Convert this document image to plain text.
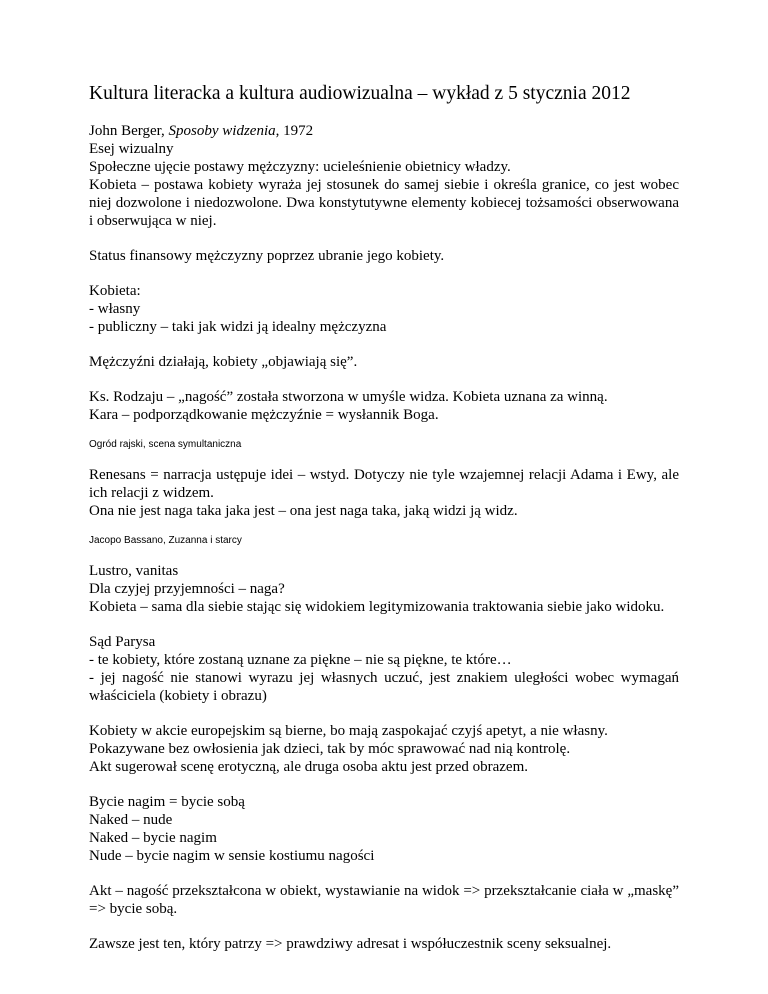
Kultura literacka a kultura audiowizualna – wykład z 5 stycznia 2012
John Berger, Sposoby widzenia, 1972
Esej wizualny
Społeczne ujęcie postawy mężczyzny: ucieleśnienie obietnicy władzy.
Kobieta – postawa kobiety wyraża jej stosunek do samej siebie i określa granice, co jest wobec niej dozwolone i niedozwolone. Dwa konstytutywne elementy kobiecej tożsamości obserwowana i obserwująca w niej.
Status finansowy mężczyzny poprzez ubranie jego kobiety.
Kobieta:
- własny
- publiczny – taki jak widzi ją idealny mężczyzna
Mężczyźni działają, kobiety „objawiają się”.
Ks. Rodzaju – „nagość” została stworzona w umyśle widza. Kobieta uznana za winną.
Kara – podporządkowanie mężczyźnie = wysłannik Boga.
Ogród rajski, scena symultaniczna
Renesans = narracja ustępuje idei – wstyd. Dotyczy nie tyle wzajemnej relacji Adama i Ewy, ale ich relacji z widzem.
Ona nie jest naga taka jaka jest – ona jest naga taka, jaką widzi ją widz.
Jacopo Bassano, Zuzanna i starcy
Lustro, vanitas
Dla czyjej przyjemności – naga?
Kobieta – sama dla siebie stając się widokiem legitymizowania traktowania siebie jako widoku.
Sąd Parysa
- te kobiety, które zostaną uznane za piękne – nie są piękne, te które…
- jej nagość nie stanowi wyrazu jej własnych uczuć, jest znakiem uległości wobec wymagań właściciela (kobiety i obrazu)
Kobiety w akcie europejskim są bierne, bo mają zaspokajać czyjś apetyt, a nie własny.
Pokazywane bez owłosienia jak dzieci, tak by móc sprawować nad nią kontrolę.
Akt sugerował scenę erotyczną, ale druga osoba aktu jest przed obrazem.
Bycie nagim = bycie sobą
Naked – nude
Naked – bycie nagim
Nude – bycie nagim w sensie kostiumu nagości
Akt – nagość przekształcona w obiekt, wystawianie na widok => przekształcanie ciała w „maskę” => bycie sobą.
Zawsze jest ten, który patrzy => prawdziwy adresat i współuczestnik sceny seksualnej.
